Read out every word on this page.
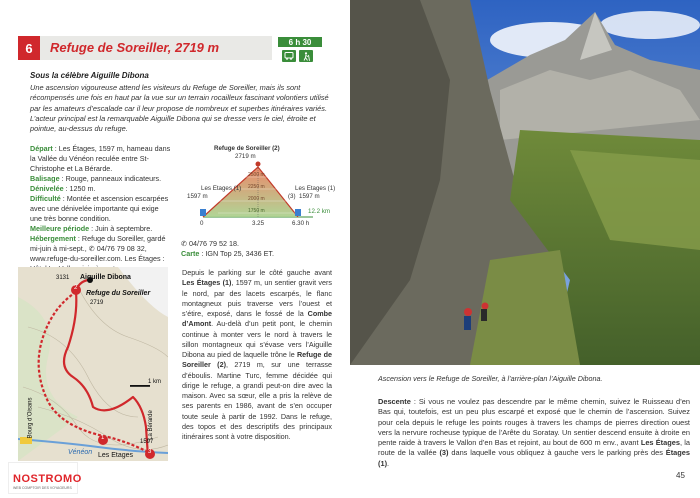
6	Refuge de Soreiller, 2719 m	6 h 30
Sous la célèbre Aiguille Dibona
Une ascension vigoureuse attend les visiteurs du Refuge de Soreiller, mais ils sont récompensés une fois en haut par la vue sur un terrain rocailleux fascinant volontiers utilisé par les amateurs d’escalade car il leur propose de nombreux et superbes itinéraires variés. L’acteur principal est la remarquable Aiguille Dibona qui se dresse vers le ciel, étroite et pointue, au-dessus du refuge.
Départ : Les Étages, 1597 m, hameau dans la Vallée du Vénéon reculée entre St-Christophe et La Bérarde.
Balisage : Rouge, panneaux indicateurs.
Dénivelée : 1250 m.
Difficulté : Montée et ascension escarpées avec une dénivelée importante qui exige une très bonne condition.
Meilleure période : Juin à septembre.
Hébergement : Refuge du Soreiller, gardé mi-juin à mi-sept., ✆ 04/76 79 08 32, www.refuge-du-soreiller.com. Les Étages :
Refuge de Soreiller (2)
2719 m
Les Etages (1)
1597 m
Les Etages (1)
(3) 1597 m
12.2 km
2500 m
2250 m
2000 m
1750 m
0	3.25	6.30 h
✆ 04/76 79 52 18.
Carte : IGN Top 25, 3436 ET.
Aiguille Dibona
3131
Refuge du Soreiller
2719
1 km
Vénéon Les Etages
1597
Bourg d’Oisans	La Bérarde
1
2
3
Depuis le parking sur le côté gauche avant Les Étages (1), 1597 m, un sentier gravit vers le nord, par des lacets escarpés, le flanc montagneux puis traverse vers l’ouest et s’étire, exposé, dans le fossé de la Combe d’Amont. Au-delà d’un petit pont, le chemin continue à monter vers le nord à travers le sillon montagneux qui s’évase vers l’Aiguille Dibona au pied de laquelle trône le Refuge de Soreiller (2), 2719 m, sur une terrasse d’éboulis. Martine Turc, femme décidée qui dirige le refuge, a grandi peut-on dire avec la maison. Avec sa sœur, elle a pris la relève de ses parents en 1986, avant de s’en occuper toute seule à partir de 1992. Dans le refuge, des topos et des descriptifs des principaux itinéraires sont à votre disposition.
NOSTROMO
WEB COMPTOIR DES VOYAGEURS
Ascension vers le Refuge de Soreiller, à l’arrière-plan l’Aiguille Dibona.
Descente : Si vous ne voulez pas descendre par le même chemin, suivez le Ruisseau d’en Bas qui, toutefois, est un peu plus escarpé et exposé que le chemin de l’ascension. Suivez pour cela depuis le refuge les points rouges à travers les champs de pierres direction ouest vers la nervure rocheuse typique de l’Arête du Soratay. Un sentier descend ensuite à droite en pente raide à travers le Vallon d’en Bas et rejoint, au bout de 600 m env., avant Les Étages, la route de la vallée (3) dans laquelle vous obliquez à gauche vers le parking près des Étages (1).
45
